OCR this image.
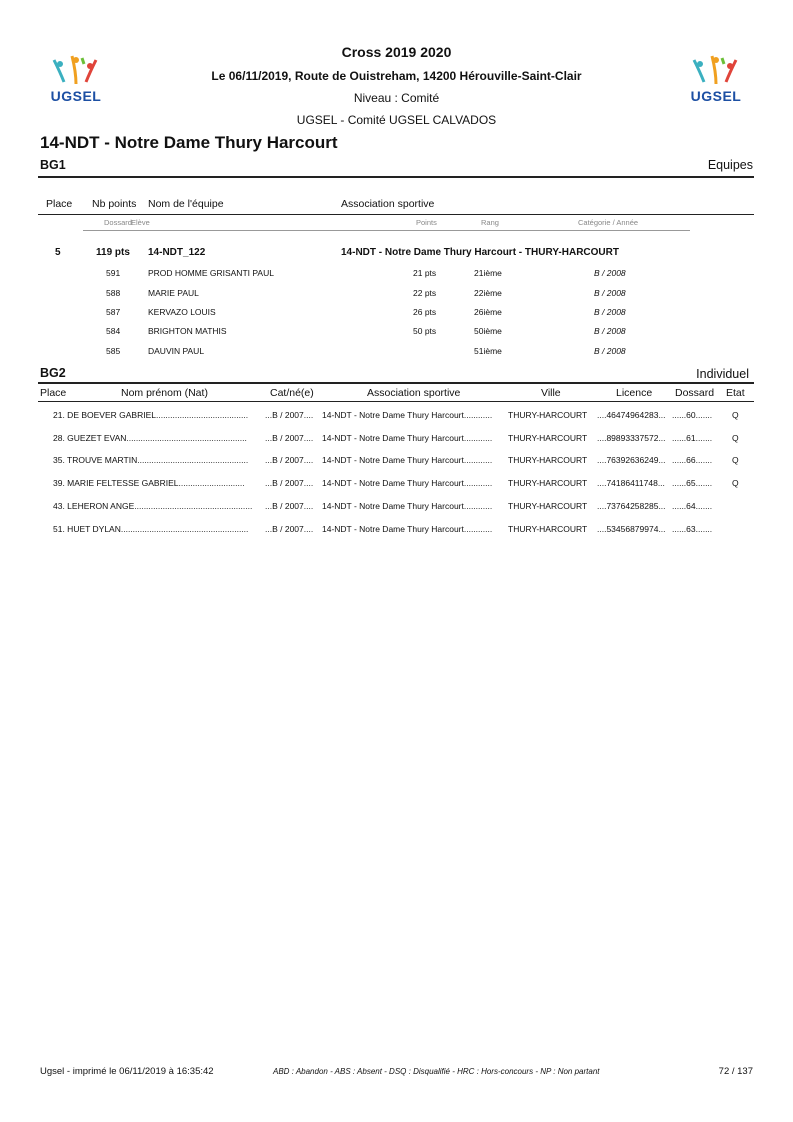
UGSEL	UGSEL
Cross 2019 2020
Le 06/11/2019, Route de Ouistreham, 14200 Hérouville-Saint-Clair
Niveau : Comité
UGSEL - Comité UGSEL CALVADOS
14-NDT - Notre Dame Thury Harcourt
BG1	Equipes
Place Nb points Nom de l'équipe	Association sportive
Dossard Elève	Points	Rang	Catégorie / Année
5	119 pts 14-NDT_122	14-NDT - Notre Dame Thury Harcourt - THURY-HARCOURT
591	PROD HOMME GRISANTI PAUL	21 pts	21ième	B / 2008
588	MARIE PAUL	22 pts	22ième	B / 2008
587	KERVAZO LOUIS	26 pts	26ième	B / 2008
584	BRIGHTON MATHIS	50 pts	50ième	B / 2008
585	DAUVIN PAUL	51ième	B / 2008
BG2	Individuel
Place	Nom prénom (Nat)	Cat/né(e)	Association sportive	Ville	Licence Dossard Etat
21. DE BOEVER GABRIEL.......................................	...B / 2007....	14-NDT - Notre Dame Thury Harcourt............	THURY-HARCOURT	....46474964283... ......60.......	Q
28. GUEZET EVAN...................................................	...B / 2007....	14-NDT - Notre Dame Thury Harcourt............	THURY-HARCOURT	....89893337572... ......61.......	Q
35. TROUVE MARTIN...............................................	...B / 2007....	14-NDT - Notre Dame Thury Harcourt............	THURY-HARCOURT	....76392636249... ......66.......	Q
39. MARIE FELTESSE GABRIEL............................	...B / 2007....	14-NDT - Notre Dame Thury Harcourt............	THURY-HARCOURT	....74186411748... ......65.......	Q
43. LEHERON ANGE..................................................	...B / 2007....	14-NDT - Notre Dame Thury Harcourt............	THURY-HARCOURT	....73764258285... ......64.......
51. HUET DYLAN......................................................	...B / 2007....	14-NDT - Notre Dame Thury Harcourt............	THURY-HARCOURT	....53456879974... ......63.......
Ugsel - imprimé le 06/11/2019 à 16:35:42	ABD : Abandon - ABS : Absent - DSQ : Disqualifié - HRC : Hors-concours - NP : Non partant	72 / 137
